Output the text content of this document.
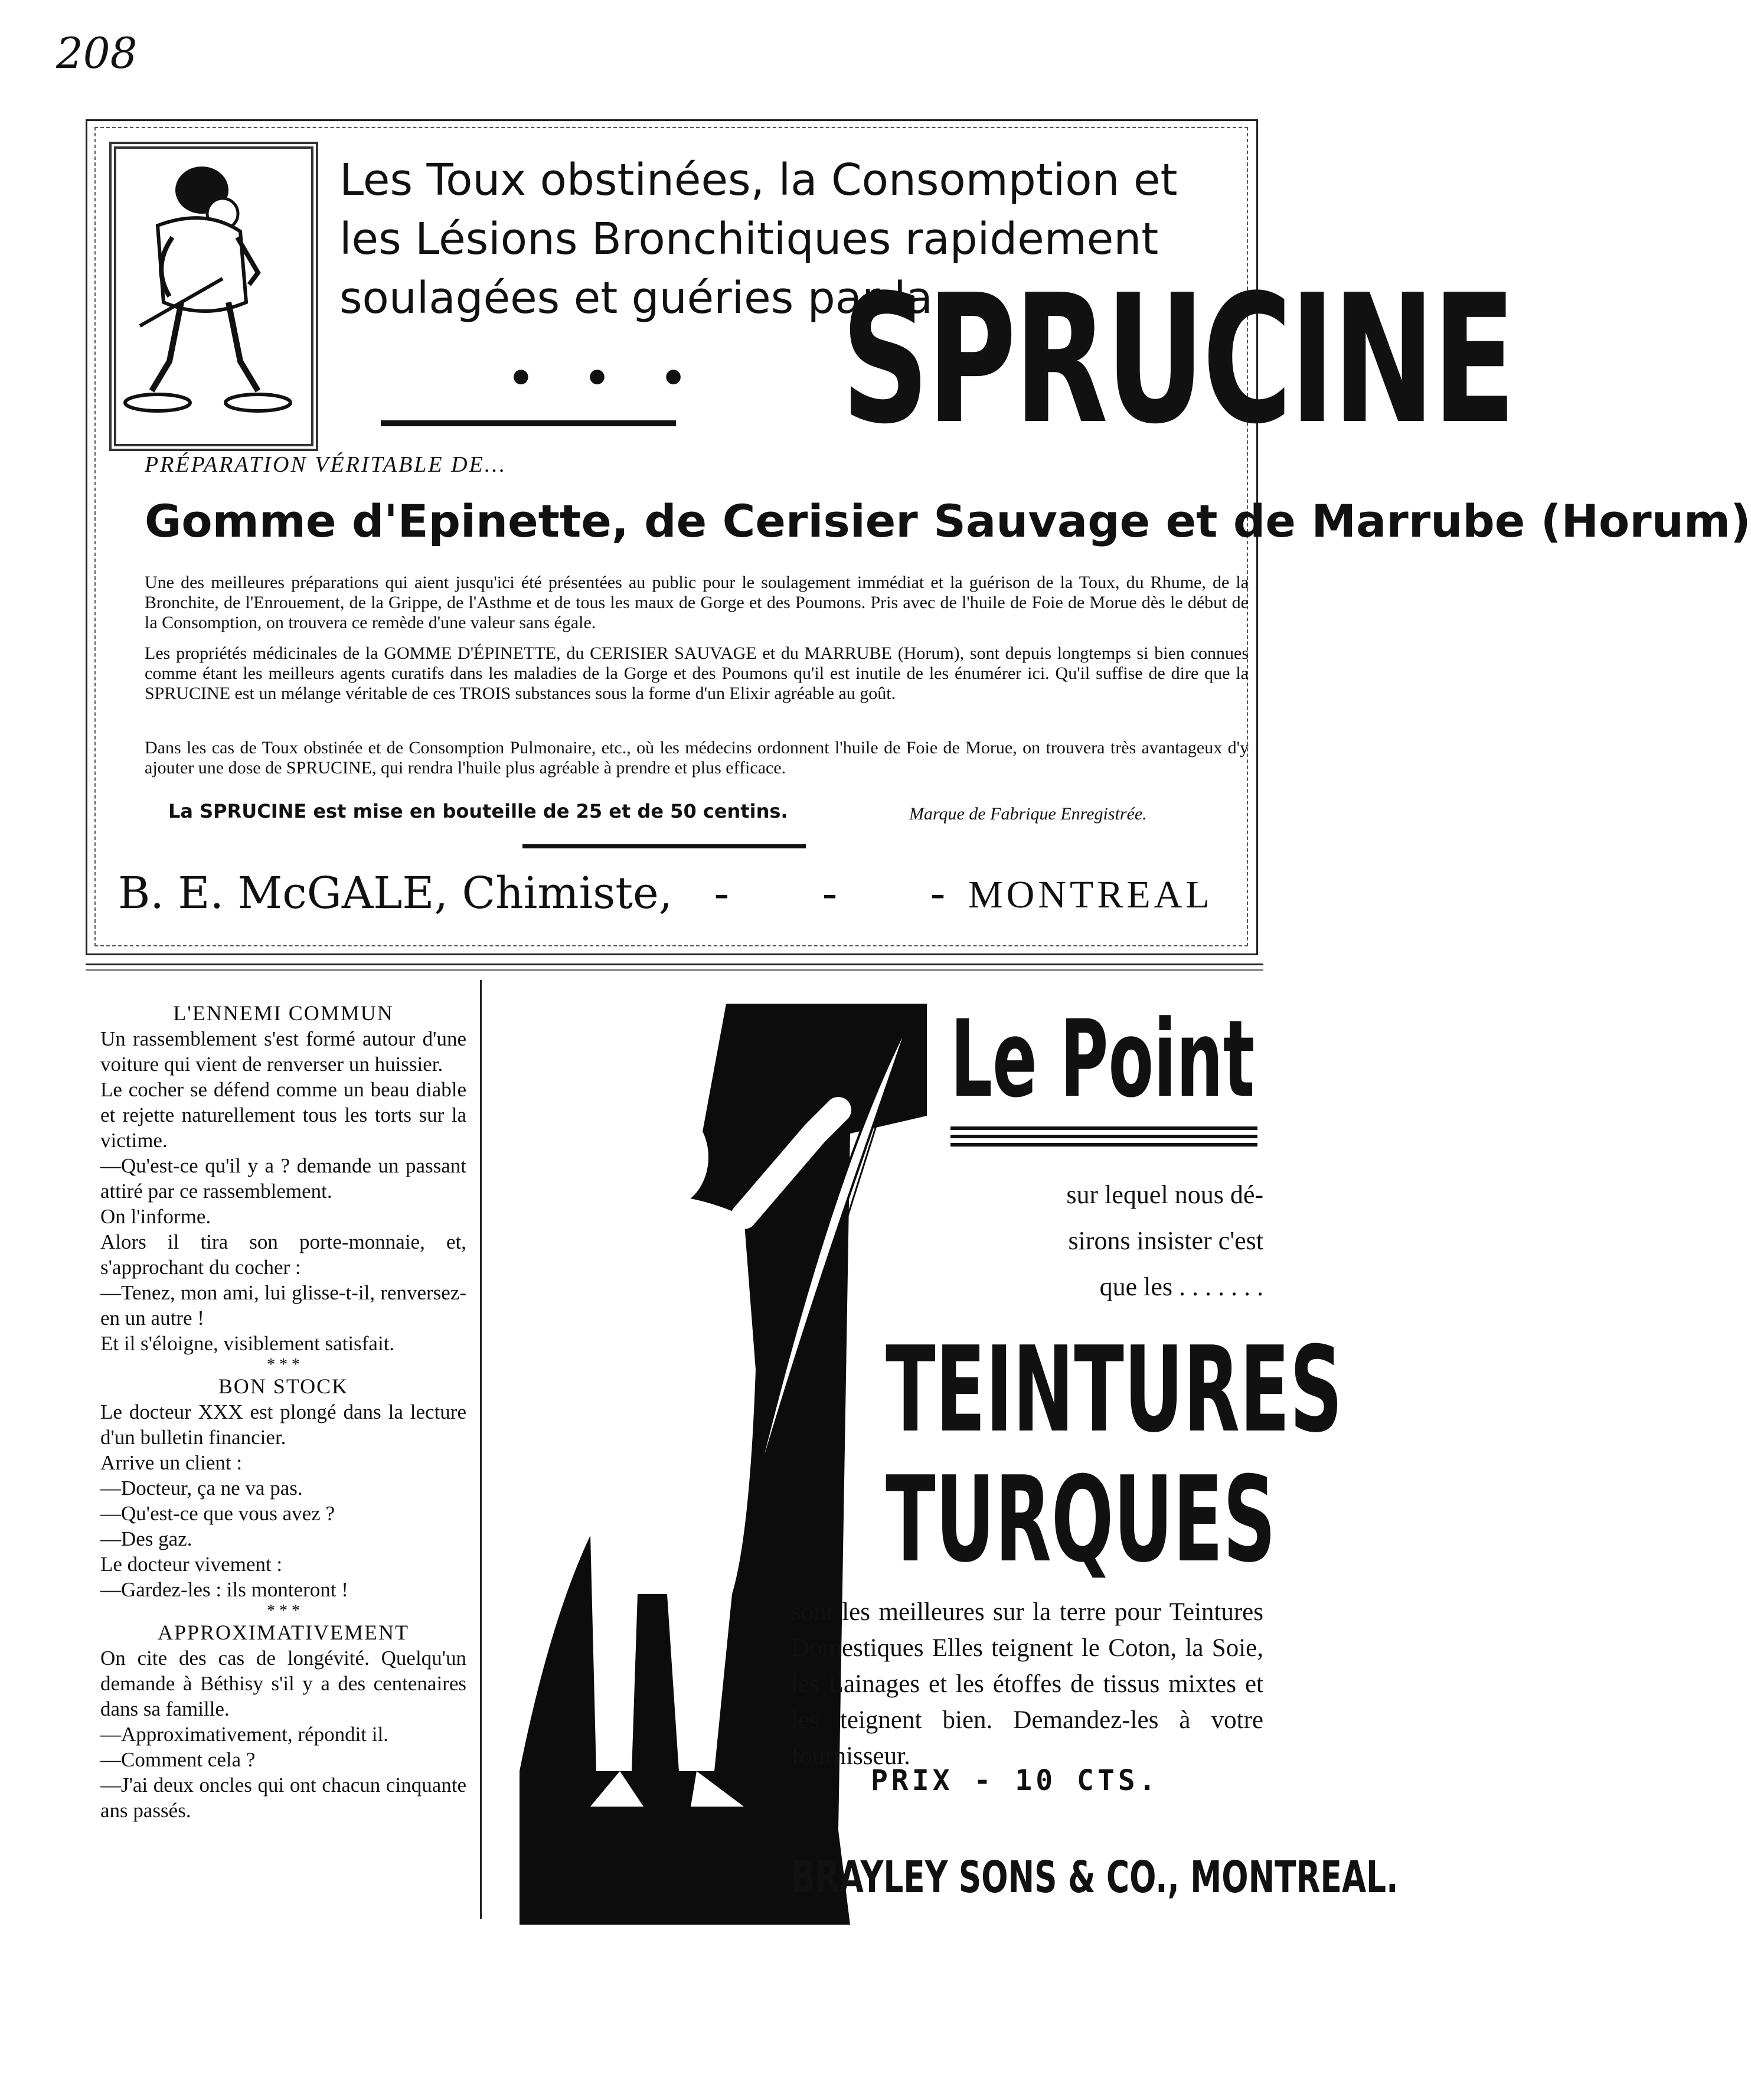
208
Les Toux obstinées, la Consomption et les Lésions Bronchitiques rapidement soulagées et guéries par la
• • • SPRUCINE
PRÉPARATION VÉRITABLE DE...
Gomme d'Epinette, de Cerisier Sauvage et de Marrube (Horum)
Une des meilleures préparations qui aient jusqu'ici été présentées au public pour le soulagement immédiat et la guérison de la Toux, du Rhume, de la Bronchite, de l'Enrouement, de la Grippe, de l'Asthme et de tous les maux de Gorge et des Poumons. Pris avec de l'huile de Foie de Morue dès le début de la Consomption, on trouvera ce remède d'une valeur sans égale.
Les propriétés médicinales de la GOMME D'ÉPINETTE, du CERISIER SAUVAGE et du MARRUBE (Horum), sont depuis longtemps si bien connues comme étant les meilleurs agents curatifs dans les maladies de la Gorge et des Poumons qu'il est inutile de les énumérer ici. Qu'il suffise de dire que la SPRUCINE est un mélange véritable de ces TROIS substances sous la forme d'un Elixir agréable au goût.
Dans les cas de Toux obstinée et de Consomption Pulmonaire, etc., où les médecins ordonnent l'huile de Foie de Morue, on trouvera très avantageux d'y ajouter une dose de SPRUCINE, qui rendra l'huile plus agréable à prendre et plus efficace.
La SPRUCINE est mise en bouteille de 25 et de 50 centins.	Marque de Fabrique Enregistrée.
B. E. McGALE, Chimiste, - - -
MONTREAL

L'ENNEMI COMMUN

Un rassemblement s'est formé autour d'une voiture qui vient de renverser un huissier.

Le cocher se défend comme un beau diable et rejette naturellement tous les torts sur la victime.

—Qu'est-ce qu'il y a ? demande un passant attiré par ce rassemblement.

On l'informe.

Alors il tira son porte-monnaie, et, s'approchant du cocher :

—Tenez, mon ami, lui glisse-t-il, renversez-en un autre !

Et il s'éloigne, visiblement satisfait.

* * *

BON STOCK

Le docteur XXX est plongé dans la lecture d'un bulletin financier.

Arrive un client :

—Docteur, ça ne va pas.

—Qu'est-ce que vous avez ?

—Des gaz.

Le docteur vivement :

—Gardez-les : ils monteront !

* * *

APPROXIMATIVEMENT

On cite des cas de longévité. Quelqu'un demande à Béthisy s'il y a des centenaires dans sa famille.

—Approximativement, répondit il.

—Comment cela ?

—J'ai deux oncles qui ont chacun cinquante ans passés.

Le Point
sur lequel nous dé-
sirons insister c'est
que les . . . . . . .
TEINTURES
TURQUES
sont les meilleures sur la terre pour Teintures Domestiques Elles teignent le Coton, la Soie, les Lainages et les étoffes de tissus mixtes et les teignent bien. Demandez-les à votre fournisseur.
PRIX - 10 CTS.
BRAYLEY SONS & CO., MONTREAL.
